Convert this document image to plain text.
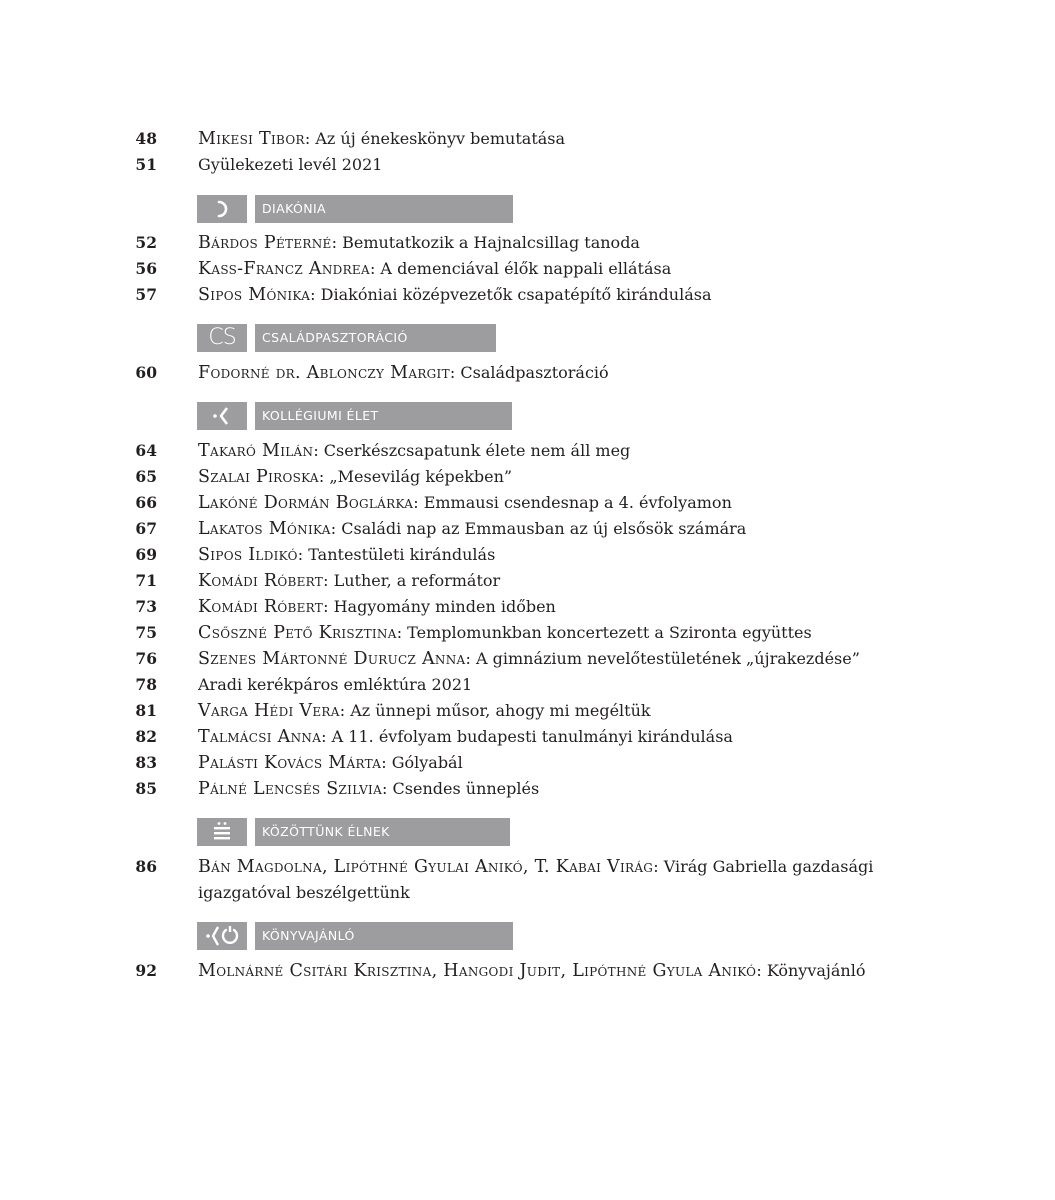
48 Mikesi Tibor: Az új énekeskönyv bemutatása
51	Gyülekezeti levél 2021
DIAKÓNIA
52 Bárdos Péterné: Bemutatkozik a Hajnalcsillag tanoda
56 Kass-Francz Andrea: A demenciával élők nappali ellátása
57 Sipos Mónika: Diakóniai középvezetők csapatépítő kirándulása
CS	CSALÁDPASZTORÁCIÓ
60 Fodorné dr. Ablonczy Margit: Családpasztoráció
KOLLÉGIUMI ÉLET
64 Takaró Milán: Cserkészcsapatunk élete nem áll meg
65 Szalai Piroska: „Mesevilág képekben”
66 Lakóné Dormán Boglárka: Emmausi csendesnap a 4. évfolyamon
67 Lakatos Mónika: Családi nap az Emmausban az új elsősök számára
69 Sipos Ildikó: Tantestületi kirándulás
71 Komádi Róbert: Luther, a reformátor
73 Komádi Róbert: Hagyomány minden időben
75 Csőszné Pető Krisztina: Templomunkban koncertezett a Szironta együttes
76 Szenes Mártonné Durucz Anna: A gimnázium nevelőtestületének „újrakezdése”
78	Aradi kerékpáros emléktúra 2021
81 Varga Hédi Vera: Az ünnepi műsor, ahogy mi megéltük
82 Talmácsi Anna: A 11. évfolyam budapesti tanulmányi kirándulása
83 Palásti Kovács Márta: Gólyabál
85 Pálné Lencsés Szilvia: Csendes ünneplés
KÖZÖTTÜNK ÉLNEK
86 Bán Magdolna, Lipóthné Gyulai Anikó, T. Kabai Virág: Virág Gabriella gazdasági
igazgatóval beszélgettünk
KÖNYVAJÁNLÓ
92 Molnárné Csitári Krisztina, Hangodi Judit, Lipóthné Gyula Anikó: Könyvajánló
